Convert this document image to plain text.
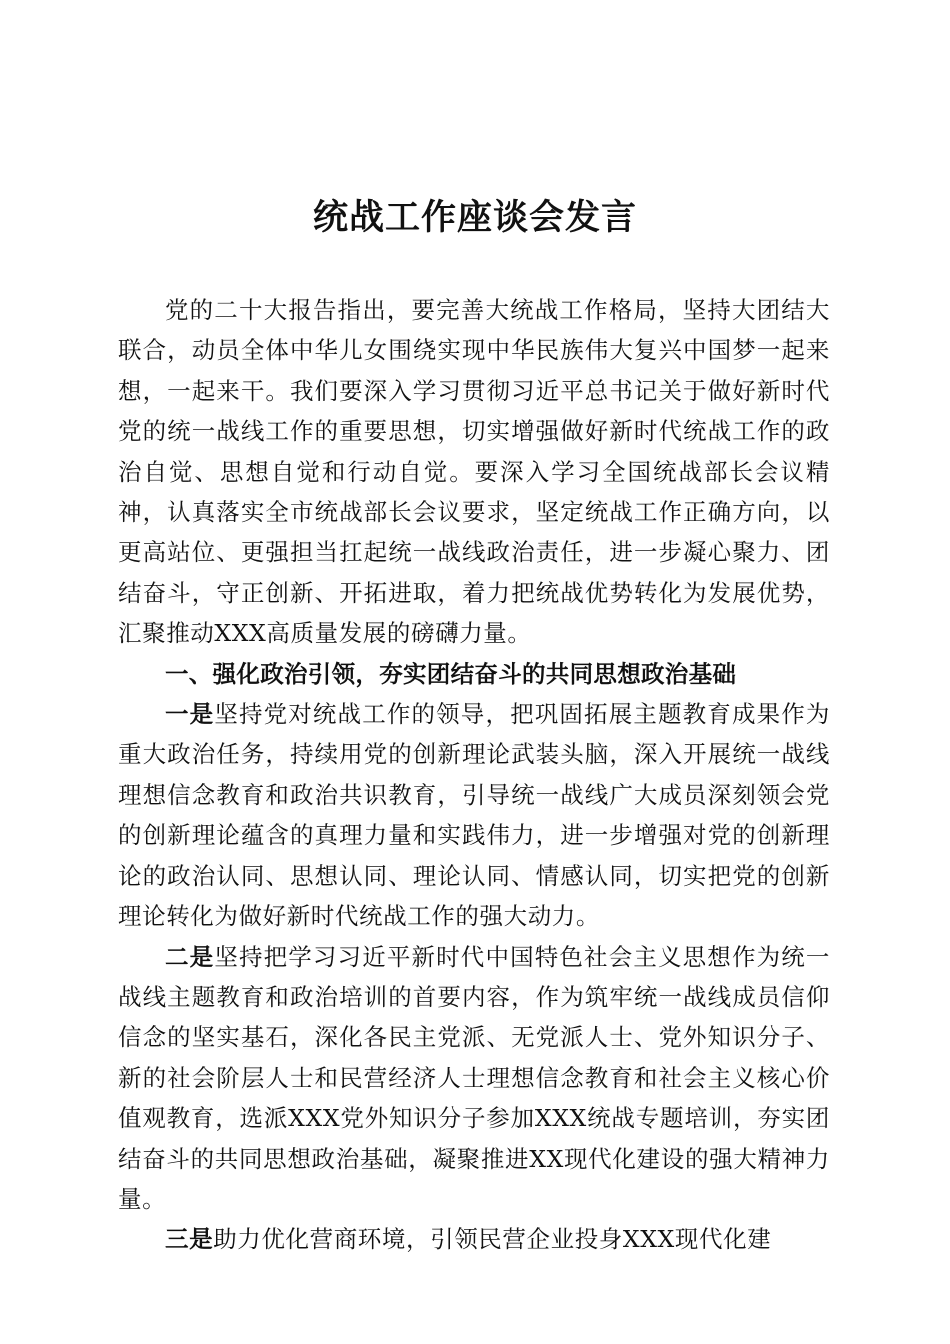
统战工作座谈会发言

党的二十大报告指出，要完善大统战工作格局，坚持大团结大联合，动员全体中华儿女围绕实现中华民族伟大复兴中国梦一起来想，一起来干。我们要深入学习贯彻习近平总书记关于做好新时代党的统一战线工作的重要思想，切实增强做好新时代统战工作的政治自觉、思想自觉和行动自觉。要深入学习全国统战部长会议精神，认真落实全市统战部长会议要求，坚定统战工作正确方向，以更高站位、更强担当扛起统一战线政治责任，进一步凝心聚力、团结奋斗，守正创新、开拓进取，着力把统战优势转化为发展优势，汇聚推动XXX高质量发展的磅礴力量。

一、强化政治引领，夯实团结奋斗的共同思想政治基础

一是坚持党对统战工作的领导，把巩固拓展主题教育成果作为重大政治任务，持续用党的创新理论武装头脑，深入开展统一战线理想信念教育和政治共识教育，引导统一战线广大成员深刻领会党的创新理论蕴含的真理力量和实践伟力，进一步增强对党的创新理论的政治认同、思想认同、理论认同、情感认同，切实把党的创新理论转化为做好新时代统战工作的强大动力。

二是坚持把学习习近平新时代中国特色社会主义思想作为统一战线主题教育和政治培训的首要内容，作为筑牢统一战线成员信仰信念的坚实基石，深化各民主党派、无党派人士、党外知识分子、新的社会阶层人士和民营经济人士理想信念教育和社会主义核心价值观教育，选派XXX党外知识分子参加XXX统战专题培训，夯实团结奋斗的共同思想政治基础，凝聚推进XX现代化建设的强大精神力量。

三是助力优化营商环境，引领民营企业投身XXX现代化建
